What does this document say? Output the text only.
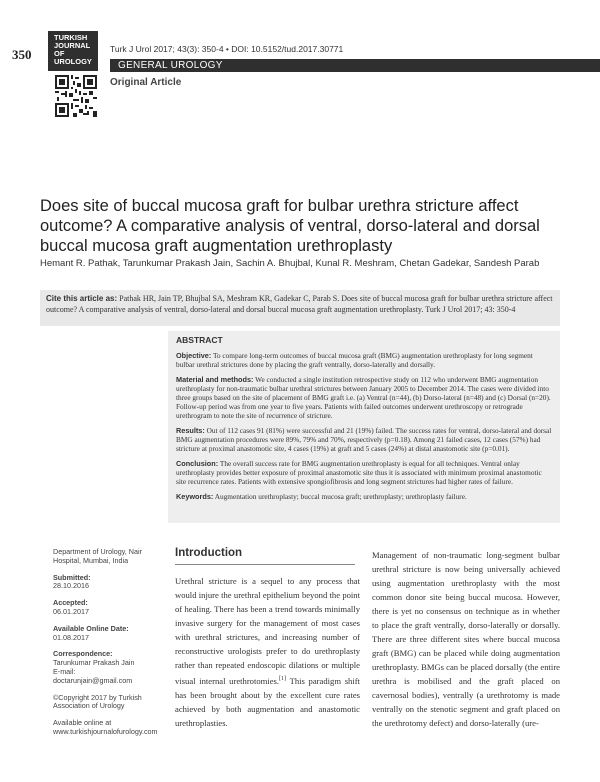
350
TURKISH
JOURNAL OF
UROLOGY
Turk J Urol 2017; 43(3): 350-4 • DOI: 10.5152/tud.2017.30771
GENERAL UROLOGY
Original Article
Does site of buccal mucosa graft for bulbar urethra stricture affect outcome? A comparative analysis of ventral, dorso-lateral and dorsal buccal mucosa graft augmentation urethroplasty
Hemant R. Pathak, Tarunkumar Prakash Jain, Sachin A. Bhujbal, Kunal R. Meshram, Chetan Gadekar, Sandesh Parab
Cite this article as: Pathak HR, Jain TP, Bhujbal SA, Meshram KR, Gadekar C, Parab S. Does site of buccal mucosa graft for bulbar urethra stricture affect outcome? A comparative analysis of ventral, dorso-lateral and dorsal buccal mucosa graft augmentation urethroplasty. Turk J Urol 2017; 43: 350-4
ABSTRACT

Objective: To compare long-term outcomes of buccal mucosa graft (BMG) augmentation urethroplasty for long segment bulbar urethral strictures done by placing the graft ventrally, dorso-laterally and dorsally.

Material and methods: We conducted a single institution retrospective study on 112 who underwent BMG augmentation urethroplasty for non-traumatic bulbar urethral strictures between January 2005 to December 2014. The cases were divided into three groups based on the site of placement of BMG graft i.e. (a) Ventral (n=44), (b) Dorso-lateral (n=48) and (c) Dorsal (n=20). Follow-up period was from one year to five years. Patients with failed outcomes underwent urethroscopy or retrograde urethrogram to note the site of recurrence of stricture.

Results: Out of 112 cases 91 (81%) were successful and 21 (19%) failed. The success rates for ventral, dorso-lateral and dorsal BMG augmentation procedures were 89%, 79% and 70%, respectively (p=0.18). Among 21 failed cases, 12 cases (57%) had stricture at proximal anastomotic site, 4 cases (19%) at graft and 5 cases (24%) at distal anastomotic site (p=0.01).

Conclusion: The overall success rate for BMG augmentation urethroplasty is equal for all techniques. Ventral onlay urethroplasty provides better exposure of proximal anastomotic site thus it is associated with minimum proximal anastomotic site recurrence rates. Patients with extensive spongiofibrosis and long segment strictures had higher rates of failure.

Keywords: Augmentation urethroplasty; buccal mucosa graft; urethroplasty; urethroplasty failure.

Department of Urology, Nair Hospital, Mumbai, India
Submitted:
28.10.2016
Accepted:
06.01.2017
Available Online Date:
01.08.2017
Correspondence:
Tarunkumar Prakash Jain
E-mail:
doctarunjain@gmail.com
©Copyright 2017 by Turkish Association of Urology
Available online at
www.turkishjournalofurology.com
Introduction
Urethral stricture is a sequel to any process that would injure the urethral epithelium beyond the point of healing. There has been a trend towards minimally invasive surgery for the management of most cases with urethral strictures, and increasing number of reconstructive urologists prefer to do urethroplasty rather than repeated endoscopic dilations or multiple visual internal urethrotomies.[1] This paradigm shift has been brought about by the excellent cure rates achieved by both augmentation and anastomotic urethroplasties.
Management of non-traumatic long-segment bulbar urethral stricture is now being universally achieved using augmentation urethroplasty with the most common donor site being buccal mucosa. However, there is yet no consensus on technique as in whether to place the graft ventrally, dorso-laterally or dorsally. There are three different sites where buccal mucosa graft (BMG) can be placed while doing augmentation urethroplasty. BMGs can be placed dorsally (the entire urethra is mobilised and the graft placed on cavernosal bodies), ventrally (a urethrotomy is made ventrally on the stenotic segment and graft placed on the urethrotomy defect) and dorso-laterally (ure-
